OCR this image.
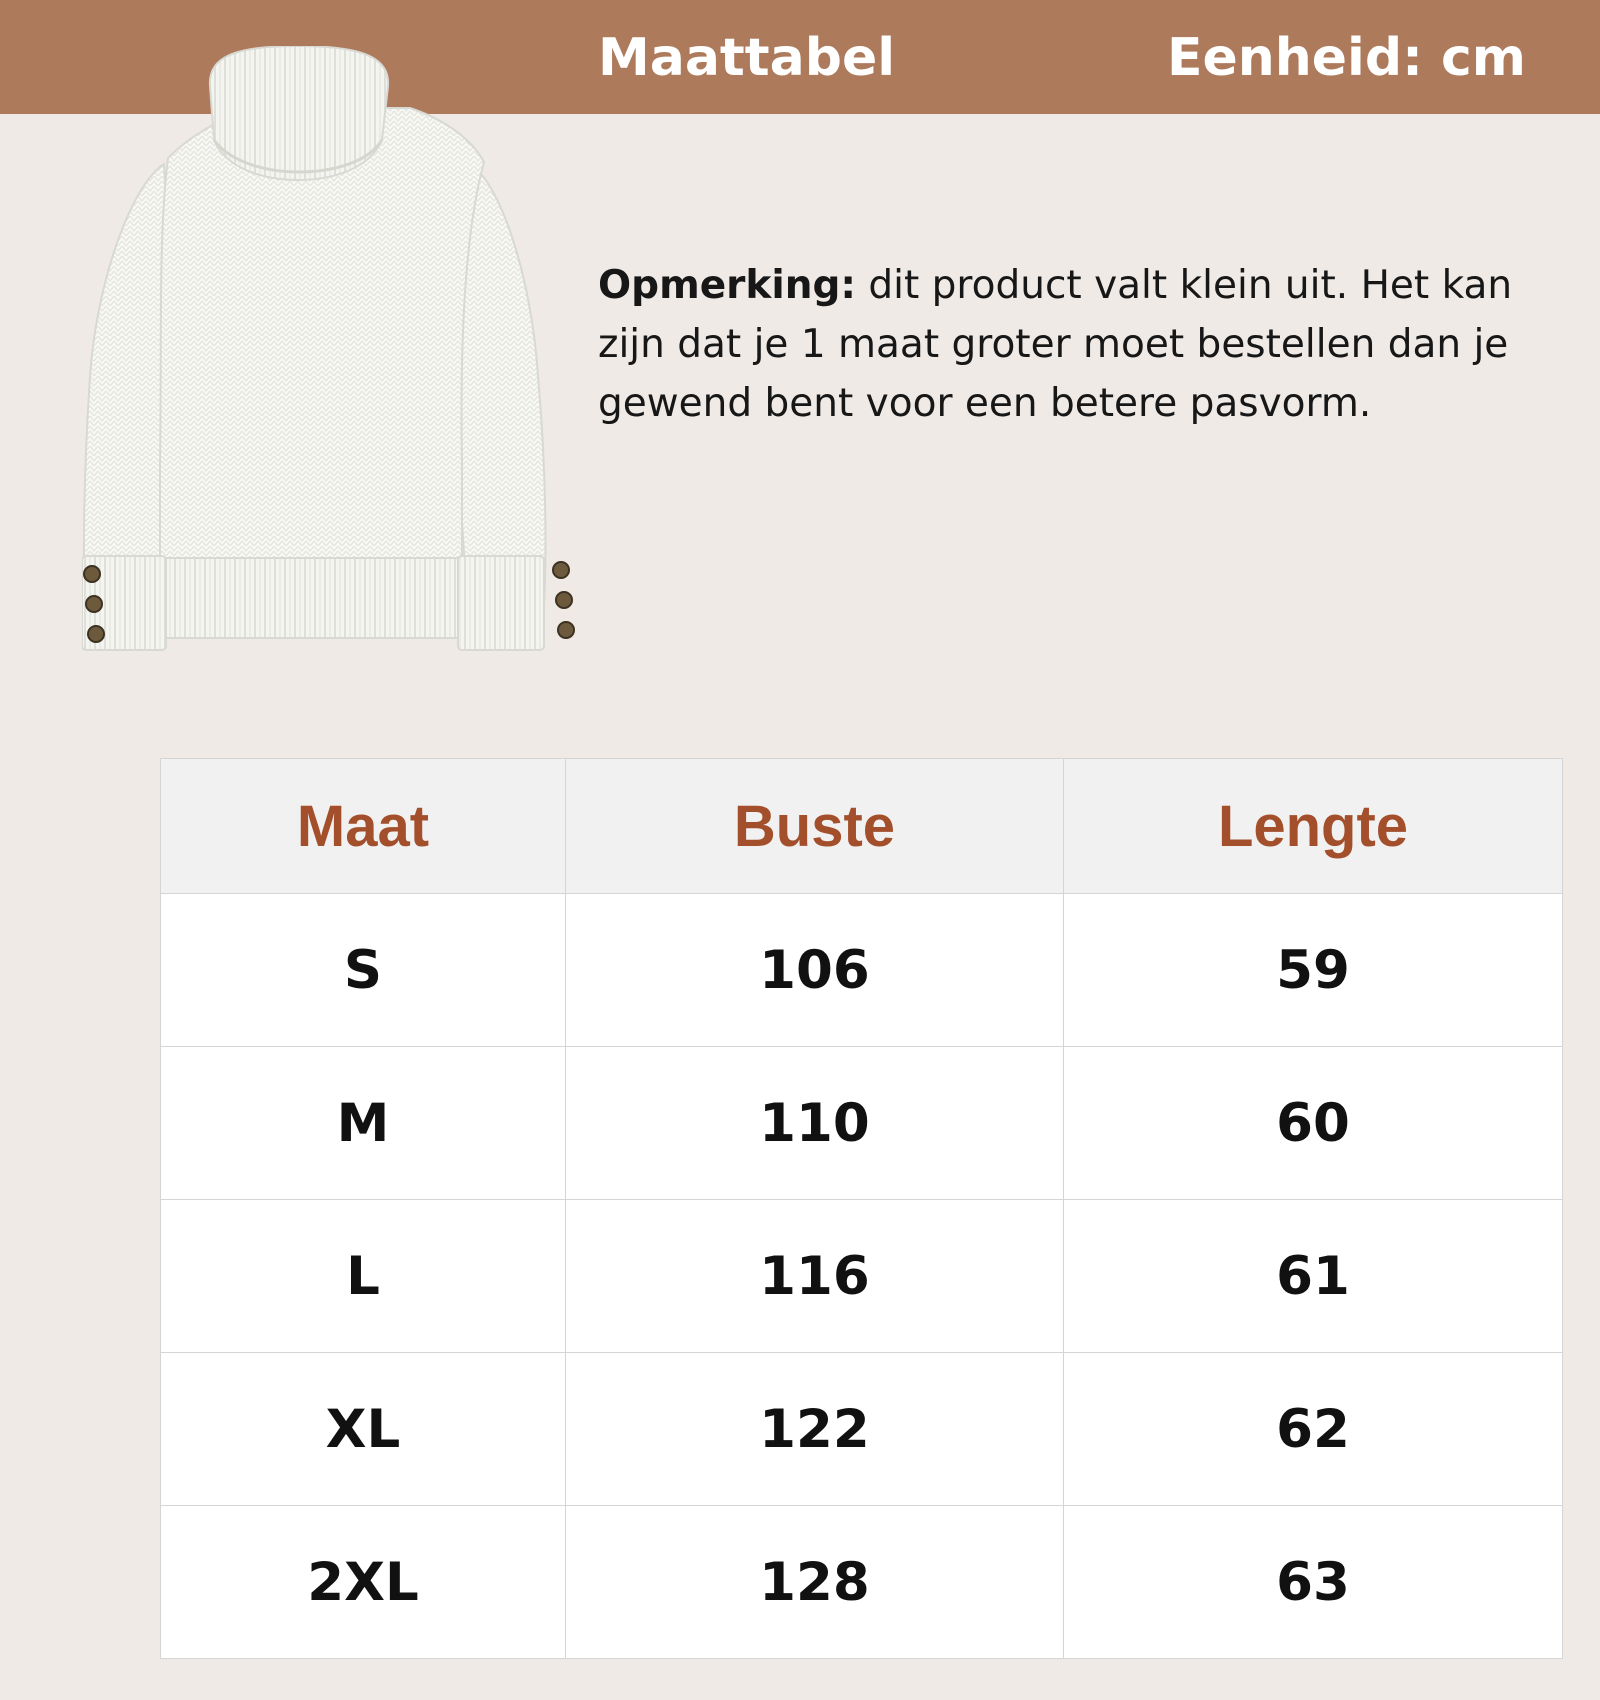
Maattabel	Eenheid: cm
Opmerking: dit product valt klein uit. Het kan zijn dat je 1 maat groter moet bestellen dan je gewend bent voor een betere pasvorm.
Maat	Buste	Lengte
S	106	59
M	110	60
L	116	61
XL	122	62
2XL	128	63
